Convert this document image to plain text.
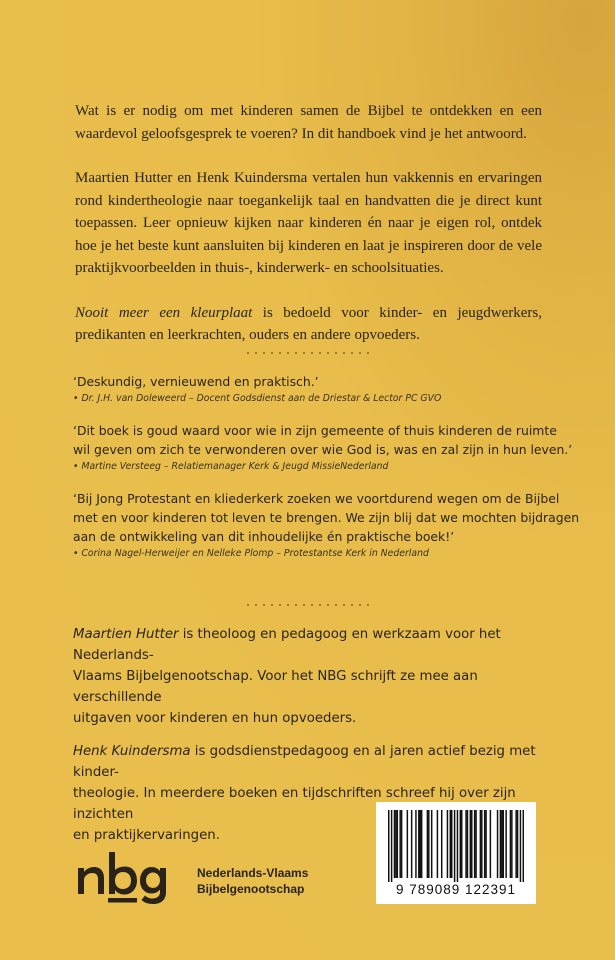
Wat is er nodig om met kinderen samen de Bijbel te ontdekken en een waardevol geloofsgesprek te voeren? In dit handboek vind je het antwoord.

Maartien Hutter en Henk Kuindersma vertalen hun vakkennis en ervaringen rond kindertheologie naar toegankelijk taal en handvatten die je direct kunt toepassen. Leer opnieuw kijken naar kinderen én naar je eigen rol, ontdek hoe je het beste kunt aansluiten bij kinderen en laat je inspireren door de vele praktijkvoorbeelden in thuis-, kinderwerk- en schoolsituaties.

Nooit meer een kleurplaat is bedoeld voor kinder- en jeugdwerkers, predikanten en leerkrachten, ouders en andere opvoeders.

‘Deskundig, vernieuwend en praktisch.’
• Dr. J.H. van Doleweerd – Docent Godsdienst aan de Driestar & Lector PC GVO
‘Dit boek is goud waard voor wie in zijn gemeente of thuis kinderen de ruimte
wil geven om zich te verwonderen over wie God is, was en zal zijn in hun leven.’
• Martine Versteeg – Relatiemanager Kerk & Jeugd MissieNederland
‘Bij Jong Protestant en kliederkerk zoeken we voortdurend wegen om de Bijbel
met en voor kinderen tot leven te brengen. We zijn blij dat we mochten bijdragen
aan de ontwikkeling van dit inhoudelijke én praktische boek!’
• Corina Nagel-Herweijer en Nelleke Plomp – Protestantse Kerk in Nederland
Maartien Hutter is theoloog en pedagoog en werkzaam voor het Nederlands-
Vlaams Bijbelgenootschap. Voor het NBG schrijft ze mee aan verschillende
uitgaven voor kinderen en hun opvoeders.
Henk Kuindersma is godsdienstpedagoog en al jaren actief bezig met kinder-
theologie. In meerdere boeken en tijdschriften schreef hij over zijn inzichten
en praktijkervaringen.
Nederlands-Vlaams
Bijbelgenootschap	9 789089 122391
